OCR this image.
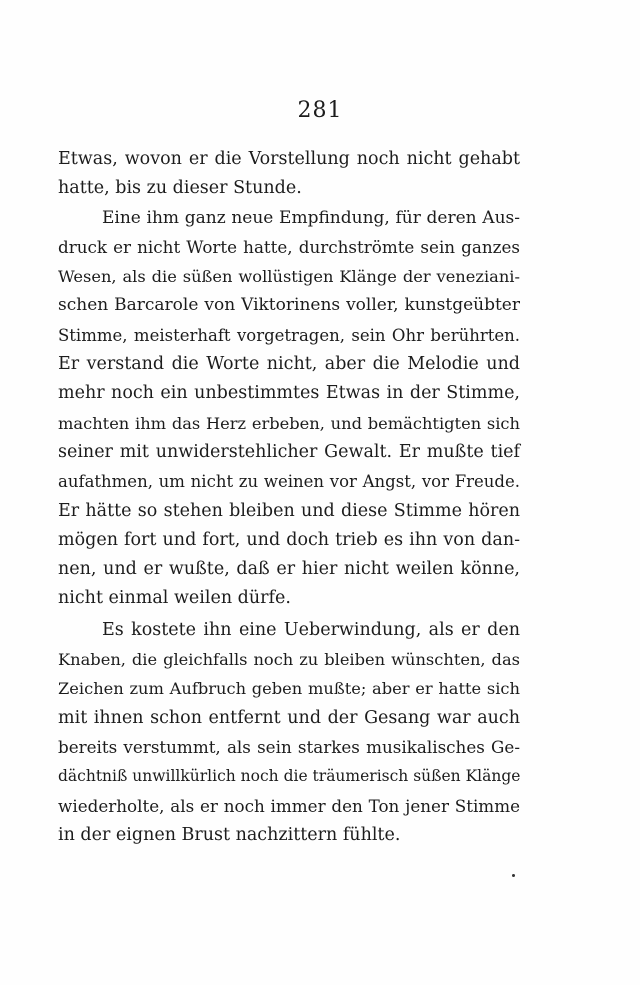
281
Etwas, wovon er die Vorstellung noch nicht gehabt
hatte, bis zu dieser Stunde.
Eine ihm ganz neue Empfindung, für deren Aus-
druck er nicht Worte hatte, durchströmte sein ganzes
Wesen, als die süßen wollüstigen Klänge der veneziani-
schen Barcarole von Viktorinens voller, kunstgeübter
Stimme, meisterhaft vorgetragen, sein Ohr berührten.
Er verstand die Worte nicht, aber die Melodie und
mehr noch ein unbestimmtes Etwas in der Stimme,
machten ihm das Herz erbeben, und bemächtigten sich
seiner mit unwiderstehlicher Gewalt. Er mußte tief
aufathmen, um nicht zu weinen vor Angst, vor Freude.
Er hätte so stehen bleiben und diese Stimme hören
mögen fort und fort, und doch trieb es ihn von dan-
nen, und er wußte, daß er hier nicht weilen könne,
nicht einmal weilen dürfe.
Es kostete ihn eine Ueberwindung, als er den
Knaben, die gleichfalls noch zu bleiben wünschten, das
Zeichen zum Aufbruch geben mußte; aber er hatte sich
mit ihnen schon entfernt und der Gesang war auch
bereits verstummt, als sein starkes musikalisches Ge-
dächtniß unwillkürlich noch die träumerisch süßen Klänge
wiederholte, als er noch immer den Ton jener Stimme
in der eignen Brust nachzittern fühlte.
